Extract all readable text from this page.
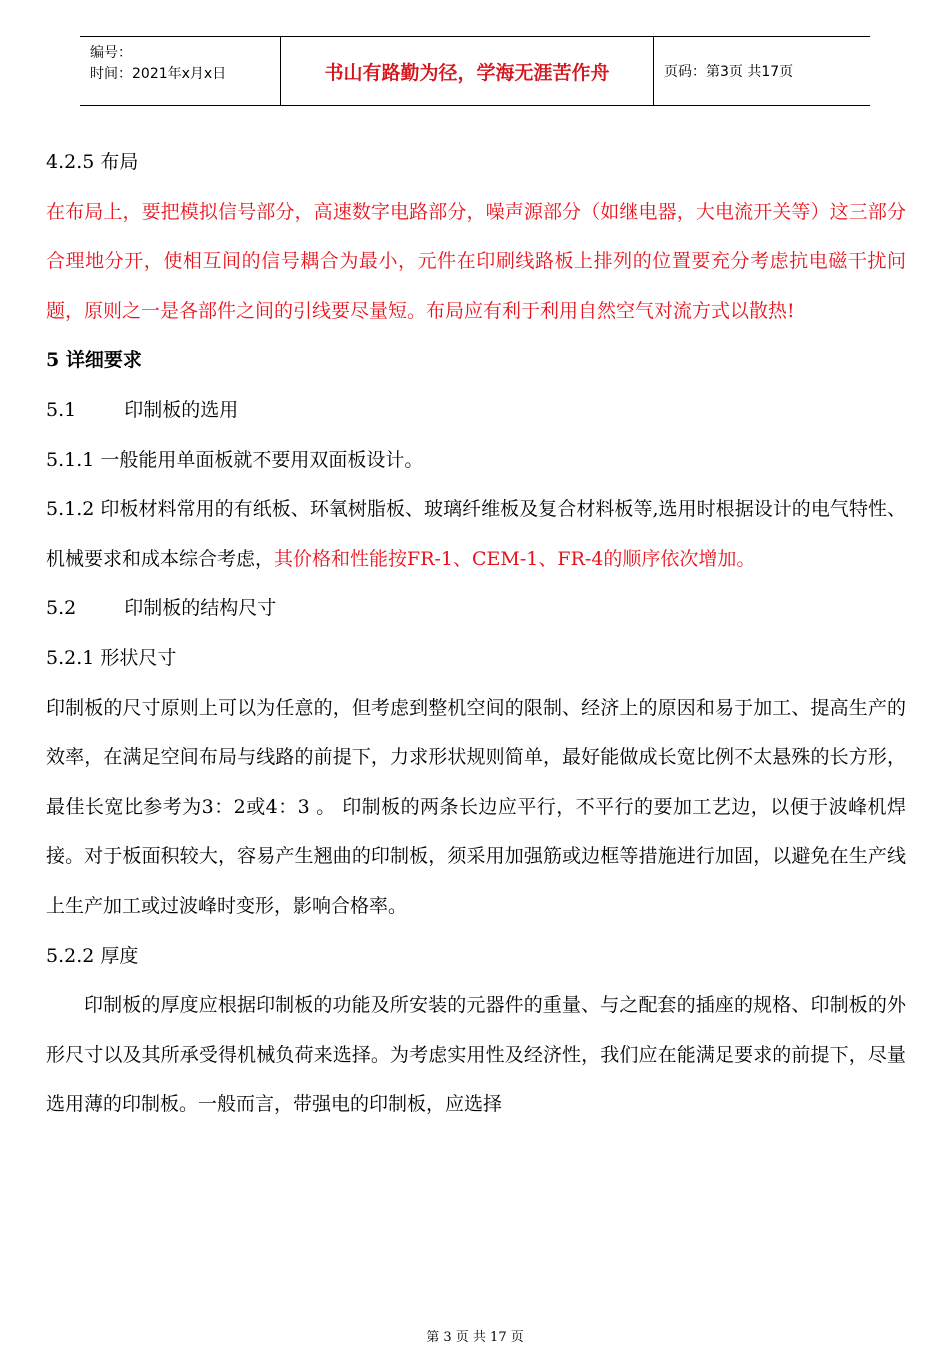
编号：
时间：2021年x月x日	书山有路勤为径，学海无涯苦作舟	页码：第3页 共17页

4.2.5 布局

在布局上，要把模拟信号部分，高速数字电路部分，噪声源部分（如继电器，大电流开关等）这三部分合理地分开，使相互间的信号耦合为最小，元件在印刷线路板上排列的位置要充分考虑抗电磁干扰问题，原则之一是各部件之间的引线要尽量短。布局应有利于利用自然空气对流方式以散热!

5 详细要求

5.1	印制板的选用

5.1.1 一般能用单面板就不要用双面板设计。

5.1.2 印板材料常用的有纸板、环氧树脂板、玻璃纤维板及复合材料板等,选用时根据设计的电气特性、机械要求和成本综合考虑，其价格和性能按FR-1、CEM-1、FR-4的顺序依次增加。

5.2	印制板的结构尺寸

5.2.1 形状尺寸

印制板的尺寸原则上可以为任意的，但考虑到整机空间的限制、经济上的原因和易于加工、提高生产的效率，在满足空间布局与线路的前提下，力求形状规则简单，最好能做成长宽比例不太悬殊的长方形，最佳长宽比参考为3：2或4：3 。 印制板的两条长边应平行，不平行的要加工艺边，以便于波峰机焊接。对于板面积较大，容易产生翘曲的印制板，须采用加强筋或边框等措施进行加固，以避免在生产线上生产加工或过波峰时变形，影响合格率。

5.2.2 厚度

印制板的厚度应根据印制板的功能及所安装的元器件的重量、与之配套的插座的规格、印制板的外形尺寸以及其所承受得机械负荷来选择。为考虑实用性及经济性，我们应在能满足要求的前提下，尽量选用薄的印制板。一般而言，带强电的印制板，应选择

第 3 页 共 17 页
